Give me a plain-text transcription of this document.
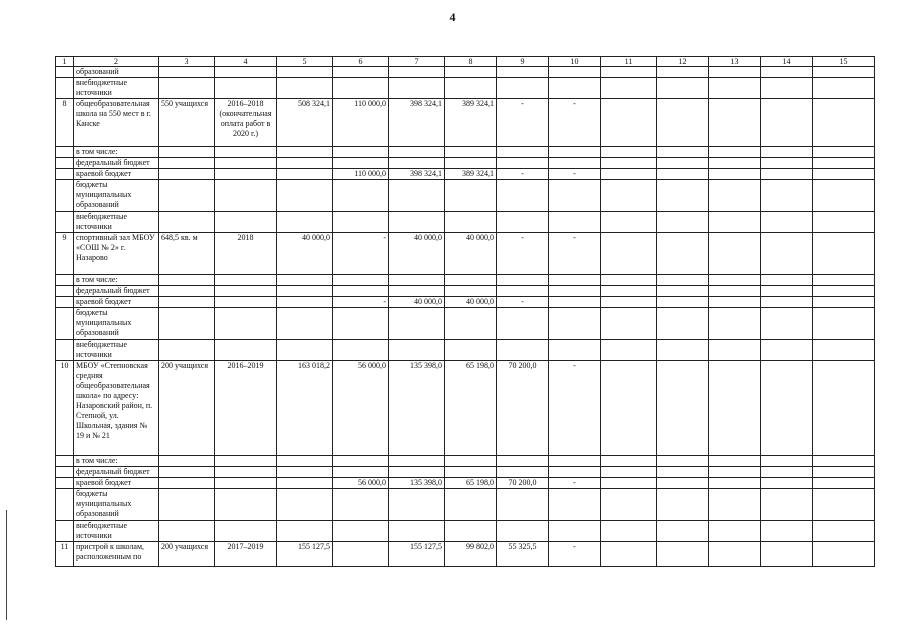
4
1	2	3	4	5	6	7	8	9	10	11	12	13	14	15
	образований													
	внебюджетные источники													
8	общеобразовательная школа на 550 мест в г. Канске	550 учащихся	2016–2018 (окончательная оплата работ в 2020 г.)	508 324,1	110 000,0	398 324,1	389 324,1	-	-					
	в том числе:													
	федеральный бюджет													
	краевой бюджет				110 000,0	398 324,1	389 324,1	-	-					
	бюджеты муниципальных образований													
	внебюджетные источники													
9	спортивный зал МБОУ «СОШ № 2» г. Назарово	648,5 кв. м	2018	40 000,0	-	40 000,0	40 000,0	-	-					
	в том числе:													
	федеральный бюджет													
	краевой бюджет				-	40 000,0	40 000,0	-						
	бюджеты муниципальных образований													
	внебюджетные источники													
10	МБОУ «Степновская средняя общеобразовательная школа» по адресу: Назаровский район, п. Степной, ул. Школьная, здания № 19 и № 21	200 учащихся	2016–2019	163 018,2	56 000,0	135 398,0	65 198,0	70 200,0	-					
	в том числе:													
	федеральный бюджет													
	краевой бюджет				56 000,0	135 398,0	65 198,0	70 200,0	-					
	бюджеты муниципальных образований													
	внебюджетные источники													
11	пристрой к школам, расположенным по	200 учащихся	2017–2019	155 127,5		155 127,5	99 802,0	55 325,5	-					
